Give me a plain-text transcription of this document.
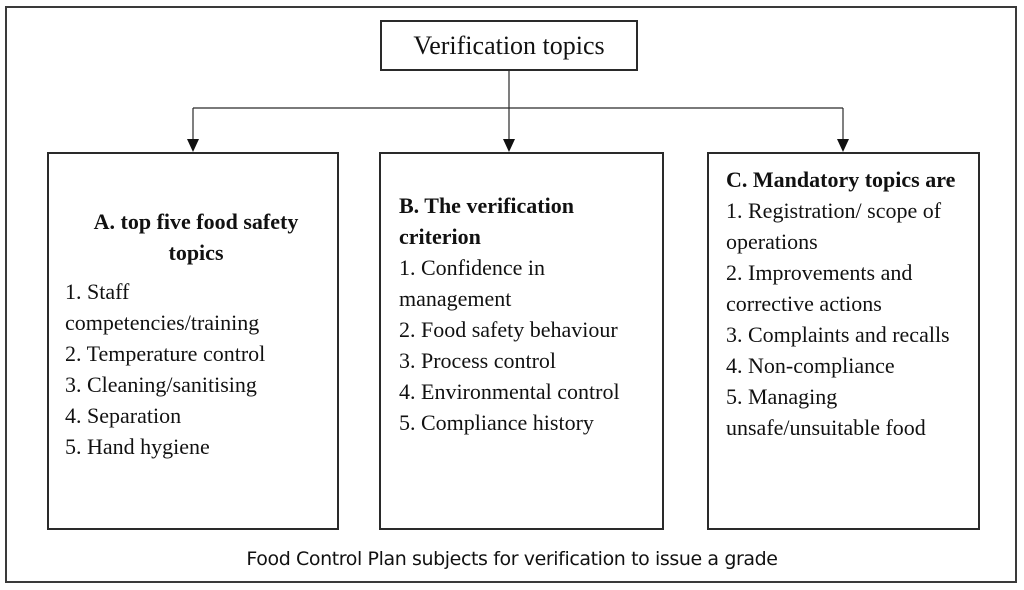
Verification topics
A. top five food safety
topics
1. Staff competencies/training
2. Temperature control
3. Cleaning/sanitising
4. Separation
5. Hand hygiene
B. The verification criterion
1. Confidence in management
2. Food safety behaviour
3. Process control
4. Environmental control
5. Compliance history
C. Mandatory topics are
1. Registration/ scope of operations
2. Improvements and corrective actions
3. Complaints and recalls
4. Non-compliance
5. Managing unsafe/unsuitable food
Food Control Plan subjects for verification to issue a grade
